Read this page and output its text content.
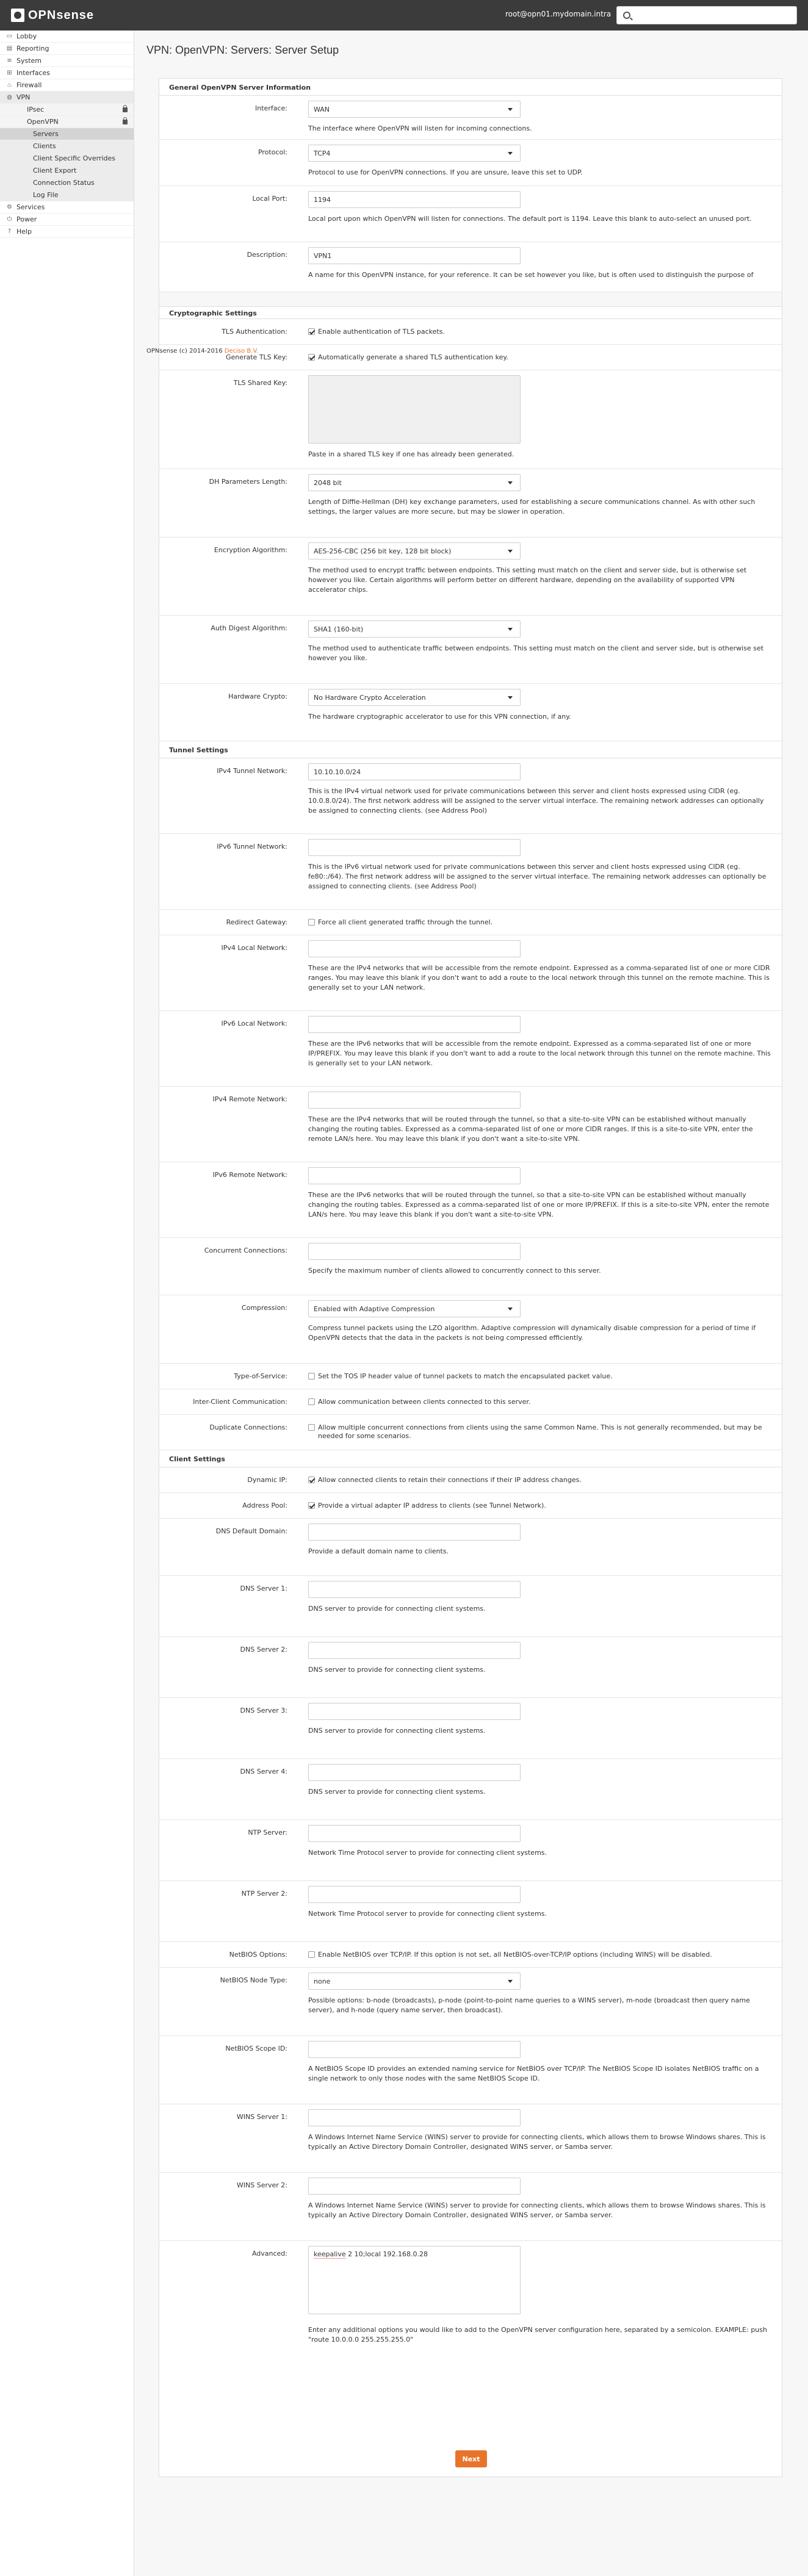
OPNsense	root@opn01.mydomain.intra
▭ Lobby
▤ Reporting
≡ System
⊞ Interfaces
♨ Firewall
◍ VPN
IPsec
OpenVPN
Servers
Clients
Client Specific Overrides
Client Export
Connection Status
Log File
⚙ Services
⏻ Power
? Help
VPN: OpenVPN: Servers: Server Setup
General OpenVPN Server Information
Interface:	WAN
The interface where OpenVPN will listen for incoming connections.
Protocol:	TCP4
Protocol to use for OpenVPN connections. If you are unsure, leave this set to UDP.
Local Port:	1194
Local port upon which OpenVPN will listen for connections. The default port is 1194. Leave this blank to auto-select an unused port.
Description:	VPN1
A name for this OpenVPN instance, for your reference. It can be set however you like, but is often used to distinguish the purpose of
Cryptographic Settings
TLS Authentication:	Enable authentication of TLS packets.
Generate TLS Key:	Automatically generate a shared TLS authentication key.
TLS Shared Key:
Paste in a shared TLS key if one has already been generated.
DH Parameters Length:	2048 bit
Length of Diffie-Hellman (DH) key exchange parameters, used for establishing a secure communications channel. As with other such settings, the larger values are more secure, but may be slower in operation.
Encryption Algorithm:	AES-256-CBC (256 bit key, 128 bit block)
The method used to encrypt traffic between endpoints. This setting must match on the client and server side, but is otherwise set however you like. Certain algorithms will perform better on different hardware, depending on the availability of supported VPN accelerator chips.
Auth Digest Algorithm:	SHA1 (160-bit)
The method used to authenticate traffic between endpoints. This setting must match on the client and server side, but is otherwise set however you like.
Hardware Crypto:	No Hardware Crypto Acceleration
The hardware cryptographic accelerator to use for this VPN connection, if any.
Tunnel Settings
IPv4 Tunnel Network:	10.10.10.0/24
This is the IPv4 virtual network used for private communications between this server and client hosts expressed using CIDR (eg. 10.0.8.0/24). The first network address will be assigned to the server virtual interface. The remaining network addresses can optionally be assigned to connecting clients. (see Address Pool)
IPv6 Tunnel Network:
This is the IPv6 virtual network used for private communications between this server and client hosts expressed using CIDR (eg. fe80::/64). The first network address will be assigned to the server virtual interface. The remaining network addresses can optionally be assigned to connecting clients. (see Address Pool)
Redirect Gateway:	Force all client generated traffic through the tunnel.
IPv4 Local Network:
These are the IPv4 networks that will be accessible from the remote endpoint. Expressed as a comma-separated list of one or more CIDR ranges. You may leave this blank if you don't want to add a route to the local network through this tunnel on the remote machine. This is generally set to your LAN network.
IPv6 Local Network:
These are the IPv6 networks that will be accessible from the remote endpoint. Expressed as a comma-separated list of one or more IP/PREFIX. You may leave this blank if you don't want to add a route to the local network through this tunnel on the remote machine. This is generally set to your LAN network.
IPv4 Remote Network:
These are the IPv4 networks that will be routed through the tunnel, so that a site-to-site VPN can be established without manually changing the routing tables. Expressed as a comma-separated list of one or more CIDR ranges. If this is a site-to-site VPN, enter the remote LAN/s here. You may leave this blank if you don't want a site-to-site VPN.
IPv6 Remote Network:
These are the IPv6 networks that will be routed through the tunnel, so that a site-to-site VPN can be established without manually changing the routing tables. Expressed as a comma-separated list of one or more IP/PREFIX. If this is a site-to-site VPN, enter the remote LAN/s here. You may leave this blank if you don't want a site-to-site VPN.
Concurrent Connections:
Specify the maximum number of clients allowed to concurrently connect to this server.
Compression:	Enabled with Adaptive Compression
Compress tunnel packets using the LZO algorithm. Adaptive compression will dynamically disable compression for a period of time if OpenVPN detects that the data in the packets is not being compressed efficiently.
Type-of-Service:	Set the TOS IP header value of tunnel packets to match the encapsulated packet value.
Inter-Client Communication:	Allow communication between clients connected to this server.
Duplicate Connections:	Allow multiple concurrent connections from clients using the same Common Name. This is not generally recommended, but may be needed for some scenarios.
Client Settings
Dynamic IP:	Allow connected clients to retain their connections if their IP address changes.
Address Pool:	Provide a virtual adapter IP address to clients (see Tunnel Network).
DNS Default Domain:
Provide a default domain name to clients.
DNS Server 1:
DNS server to provide for connecting client systems.
DNS Server 2:
DNS server to provide for connecting client systems.
DNS Server 3:
DNS server to provide for connecting client systems.
DNS Server 4:
DNS server to provide for connecting client systems.
NTP Server:
Network Time Protocol server to provide for connecting client systems.
NTP Server 2:
Network Time Protocol server to provide for connecting client systems.
NetBIOS Options:	Enable NetBIOS over TCP/IP. If this option is not set, all NetBIOS-over-TCP/IP options (including WINS) will be disabled.
NetBIOS Node Type:	none
Possible options: b-node (broadcasts), p-node (point-to-point name queries to a WINS server), m-node (broadcast then query name server), and h-node (query name server, then broadcast).
NetBIOS Scope ID:
A NetBIOS Scope ID provides an extended naming service for NetBIOS over TCP/IP. The NetBIOS Scope ID isolates NetBIOS traffic on a single network to only those nodes with the same NetBIOS Scope ID.
WINS Server 1:
A Windows Internet Name Service (WINS) server to provide for connecting clients, which allows them to browse Windows shares. This is typically an Active Directory Domain Controller, designated WINS server, or Samba server.
WINS Server 2:
A Windows Internet Name Service (WINS) server to provide for connecting clients, which allows them to browse Windows shares. This is typically an Active Directory Domain Controller, designated WINS server, or Samba server.
Advanced:	keepalive 2 10;local 192.168.0.28
Enter any additional options you would like to add to the OpenVPN server configuration here, separated by a semicolon. EXAMPLE: push "route 10.0.0.0 255.255.255.0"
OPNsense (c) 2014-2016 Deciso B.V.
Next
